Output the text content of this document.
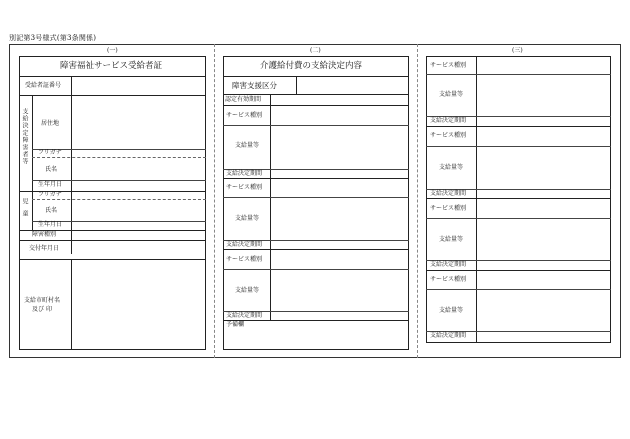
別記第3号様式(第3条関係)
(一)	(二)	(三)
障害福祉サービス受給者証
受給者証番号
支給決定障害者等 居住地
フリガナ
氏名
生年月日
児童
フリガナ
氏名
生年月日
障害種別
交付年月日
支給市町村名
及び 印
介護給付費の支給決定内容
障害支援区分
認定有効期間
サービス種別
支給量等
支給決定期間
サービス種別
支給量等
支給決定期間
サービス種別
支給量等
支給決定期間
予備欄
サービス種別
支給量等
支給決定期間
サービス種別
支給量等
支給決定期間
サービス種別
支給量等
支給決定期間
サービス種別
支給量等
支給決定期間
